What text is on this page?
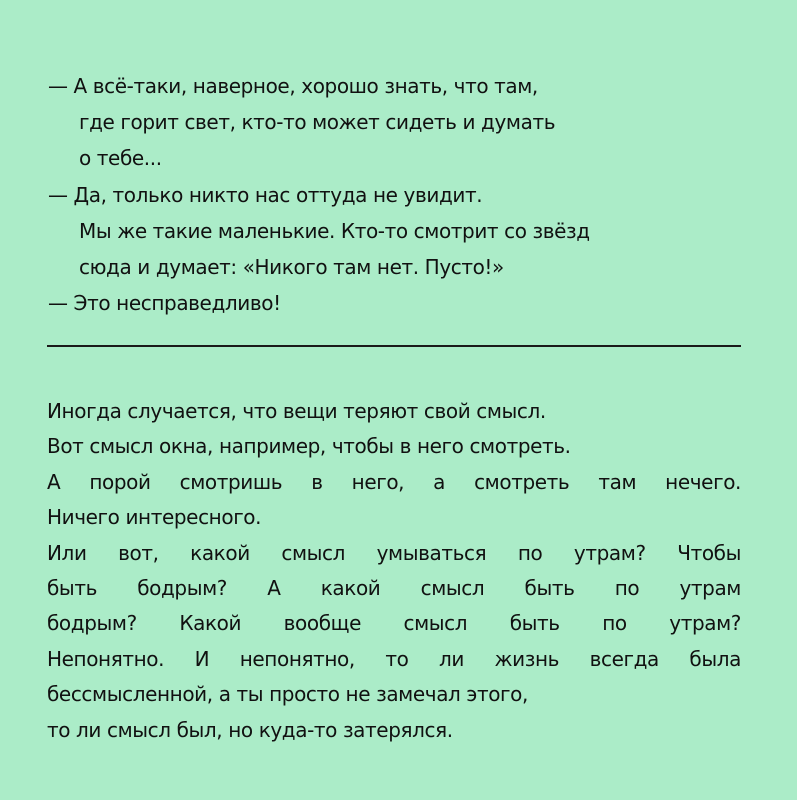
— А всё-таки, наверное, хорошо знать, что там,
где горит свет, кто-то может сидеть и думать
о тебе...
— Да, только никто нас оттуда не увидит.
Мы же такие маленькие. Кто-то смотрит со звёзд
сюда и думает: «Никого там нет. Пусто!»
— Это несправедливо!
Иногда случается, что вещи теряют свой смысл.
Вот смысл окна, например, чтобы в него смотреть.
А порой смотришь в него, а смотреть там нечего.
Ничего интересного.
Или вот, какой смысл умываться по утрам? Чтобы
быть бодрым? А какой смысл быть по утрам
бодрым? Какой вообще смысл быть по утрам?
Непонятно. И непонятно, то ли жизнь всегда была
бессмысленной, а ты просто не замечал этого,
то ли смысл был, но куда-то затерялся.
